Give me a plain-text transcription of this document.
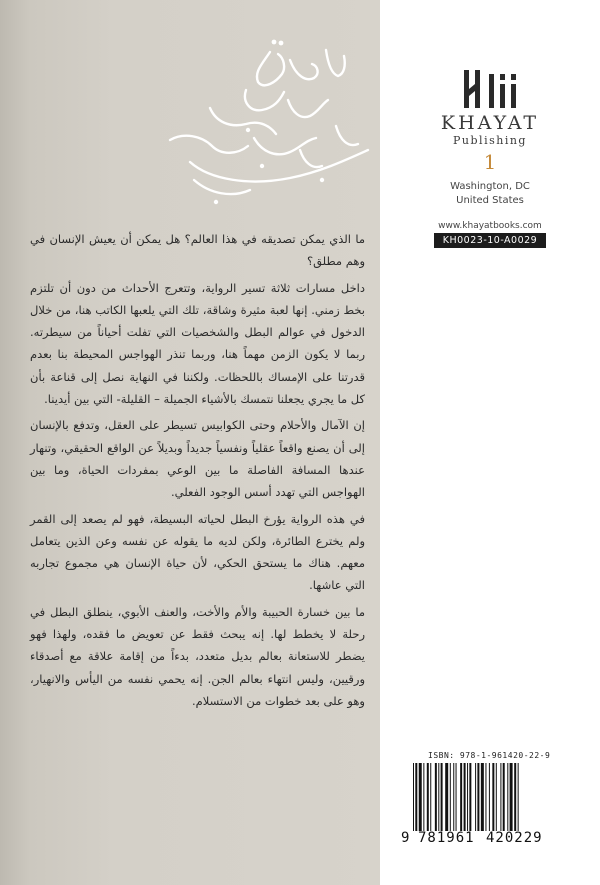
ما الذي يمكن تصديقه في هذا العالم؟ هل يمكن أن يعيش الإنسان في وهم مطلق؟

داخل مسارات ثلاثة تسير الرواية، وتتعرج الأحداث من دون أن تلتزم بخط زمني. إنها لعبة مثيرة وشاقة، تلك التي يلعبها الكاتب هنا، من خلال الدخول في عوالم البطل والشخصيات التي تفلت أحياناً من سيطرته. ربما لا يكون الزمن مهماً هنا، وربما تنذر الهواجس المحيطة بنا بعدم قدرتنا على الإمساك باللحظات. ولكننا في النهاية نصل إلى قناعة بأن كل ما يجري يجعلنا نتمسك بالأشياء الجميلة – القليلة- التي بين أيدينا.

إن الآمال والأحلام وحتى الكوابيس تسيطر على العقل، وتدفع بالإنسان إلى أن يصنع واقعاً عقلياً ونفسياً جديداً وبديلاً عن الواقع الحقيقي، وتنهار عندها المسافة الفاصلة ما بين الوعي بمفردات الحياة، وما بين الهواجس التي تهدد أسس الوجود الفعلي.

في هذه الرواية يؤرخ البطل لحياته البسيطة، فهو لم يصعد إلى القمر ولم يخترع الطائرة، ولكن لديه ما يقوله عن نفسه وعن الذين يتعامل معهم. هناك ما يستحق الحكي، لأن حياة الإنسان هي مجموع تجاربه التي عاشها.

ما بين خسارة الحبيبة والأم والأخت، والعنف الأبوي، ينطلق البطل في رحلة لا يخطط لها. إنه يبحث فقط عن تعويض ما فقده، ولهذا فهو يضطر للاستعانة بعالم بديل متعدد، بدءاً من إقامة علاقة مع أصدقاء ورقيين، وليس انتهاء بعالم الجن. إنه يحمي نفسه من اليأس والانهيار، وهو على بعد خطوات من الاستسلام.

KHAYAT
Publishing
1
Washington, DC
United States
www.khayatbooks.com
KH0023-10-A0029
ISBN: 978-1-961420-22-9
9 781961 420229
